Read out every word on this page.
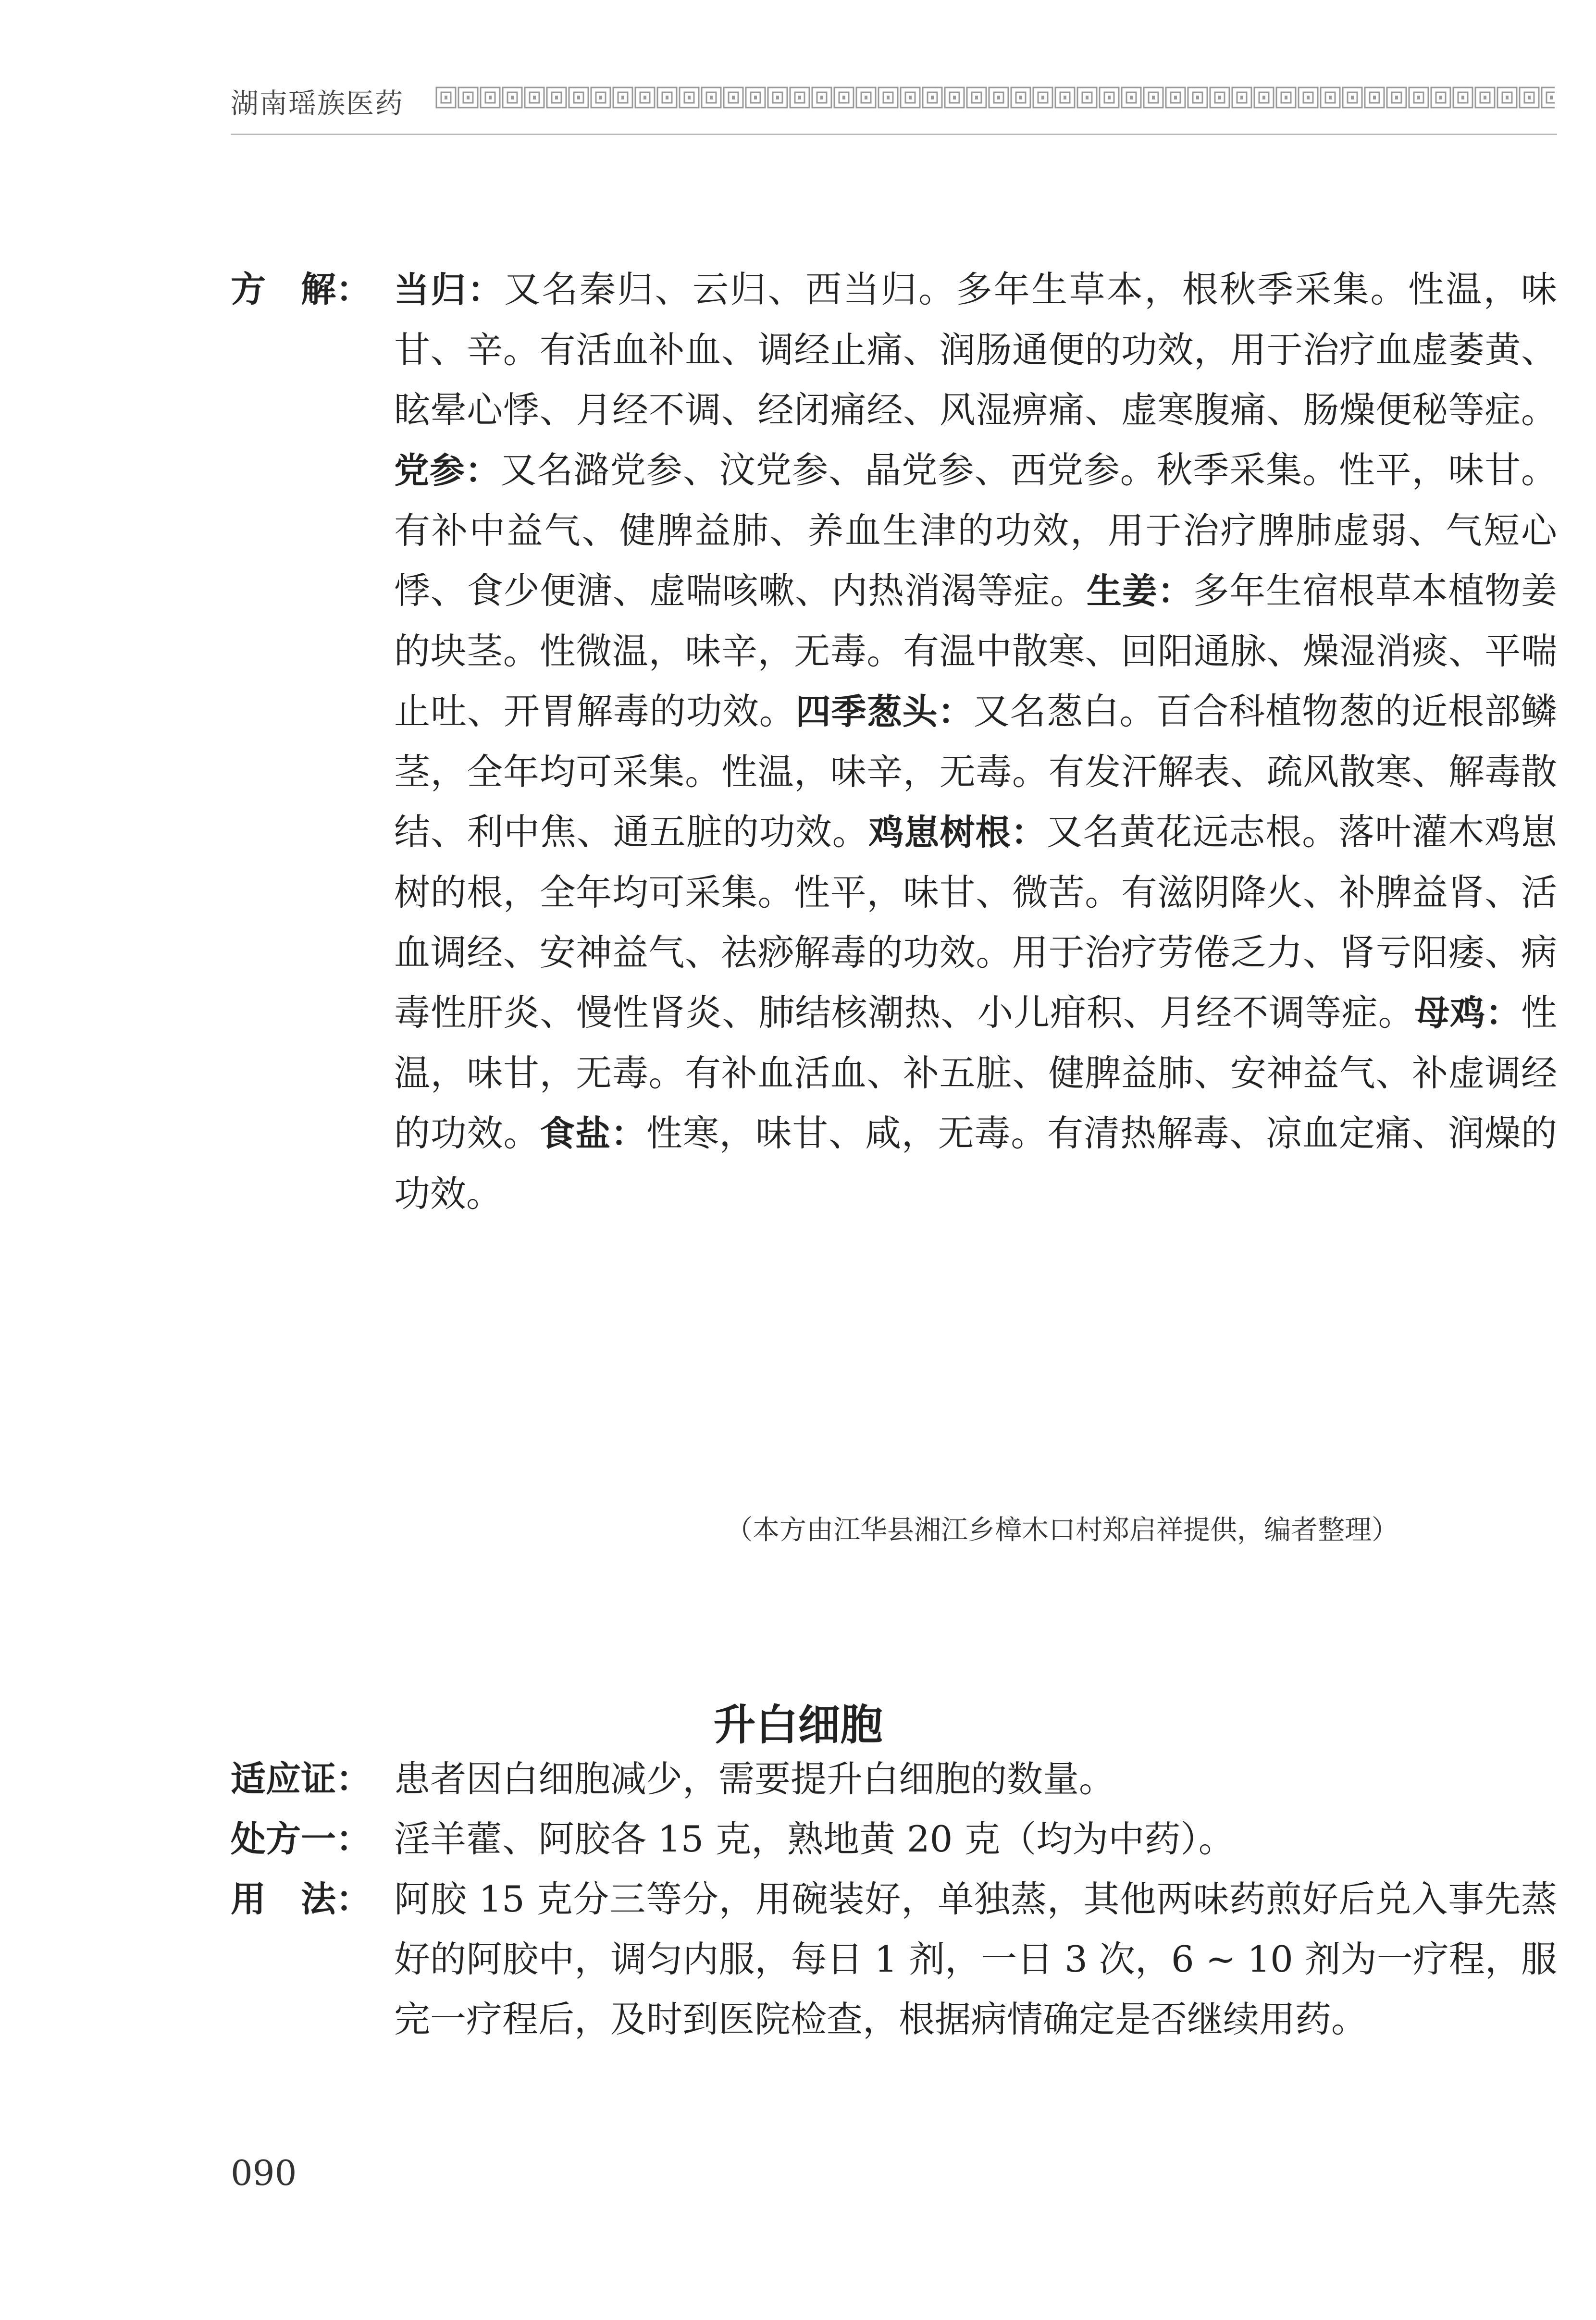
湖南瑶族医药
方　解： 当归：又名秦归、云归、西当归。多年生草本，根秋季采集。性温，味甘、辛。有活血补血、调经止痛、润肠通便的功效，用于治疗血虚萎黄、眩晕心悸、月经不调、经闭痛经、风湿痹痛、虚寒腹痛、肠燥便秘等症。党参：又名潞党参、汶党参、晶党参、西党参。秋季采集。性平，味甘。有补中益气、健脾益肺、养血生津的功效，用于治疗脾肺虚弱、气短心悸、食少便溏、虚喘咳嗽、内热消渴等症。生姜：多年生宿根草本植物姜的块茎。性微温，味辛，无毒。有温中散寒、回阳通脉、燥湿消痰、平喘止吐、开胃解毒的功效。四季葱头：又名葱白。百合科植物葱的近根部鳞茎，全年均可采集。性温，味辛，无毒。有发汗解表、疏风散寒、解毒散结、利中焦、通五脏的功效。鸡崽树根：又名黄花远志根。落叶灌木鸡崽树的根，全年均可采集。性平，味甘、微苦。有滋阴降火、补脾益肾、活血调经、安神益气、祛痧解毒的功效。用于治疗劳倦乏力、肾亏阳痿、病毒性肝炎、慢性肾炎、肺结核潮热、小儿疳积、月经不调等症。母鸡：性温，味甘，无毒。有补血活血、补五脏、健脾益肺、安神益气、补虚调经的功效。食盐：性寒，味甘、咸，无毒。有清热解毒、凉血定痛、润燥的功效。
（本方由江华县湘江乡樟木口村郑启祥提供，编者整理）
升白细胞
适应证： 患者因白细胞减少，需要提升白细胞的数量。
处方一： 淫羊藿、阿胶各 15 克，熟地黄 20 克（均为中药）。
用　法： 阿胶 15 克分三等分，用碗装好，单独蒸，其他两味药煎好后兑入事先蒸好的阿胶中，调匀内服，每日 1 剂，一日 3 次，6 ~ 10 剂为一疗程，服完一疗程后，及时到医院检查，根据病情确定是否继续用药。
090
